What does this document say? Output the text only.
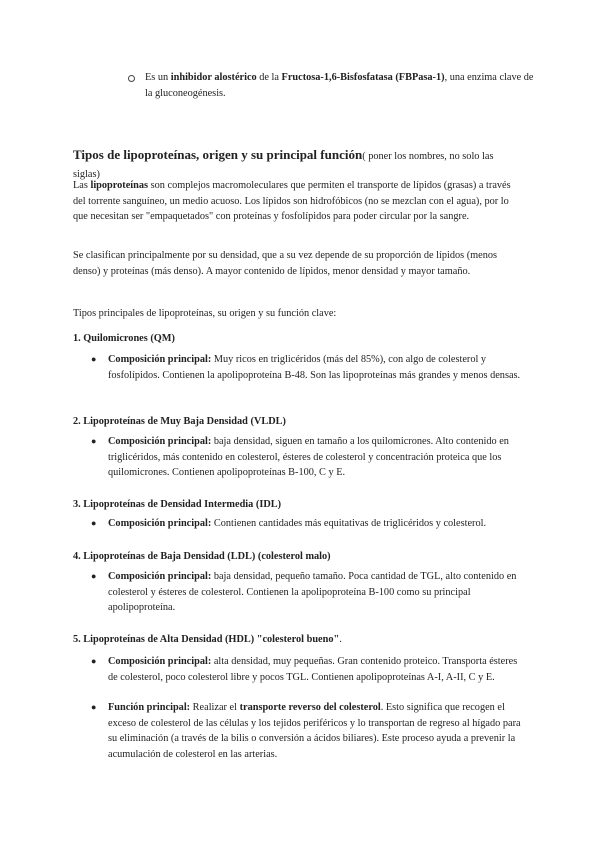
Es un inhibidor alostérico de la Fructosa-1,6-Bisfosfatasa (FBPasa-1), una enzima clave de la gluconeogénesis.

Tipos de lipoproteínas, origen y su principal función( poner los nombres, no solo las siglas)

Las lipoproteínas son complejos macromoleculares que permiten el transporte de lípidos (grasas) a través del torrente sanguíneo, un medio acuoso. Los lípidos son hidrofóbicos (no se mezclan con el agua), por lo que necesitan ser "empaquetados" con proteínas y fosfolípidos para poder circular por la sangre.

Se clasifican principalmente por su densidad, que a su vez depende de su proporción de lípidos (menos denso) y proteínas (más denso). A mayor contenido de lípidos, menor densidad y mayor tamaño.

Tipos principales de lipoproteínas, su origen y su función clave:

1. Quilomicrones (QM)

● Composición principal: Muy ricos en triglicéridos (más del 85%), con algo de colesterol y fosfolípidos. Contienen la apolipoproteína B-48. Son las lipoproteínas más grandes y menos densas.

2. Lipoproteínas de Muy Baja Densidad (VLDL)

● Composición principal: baja densidad, siguen en tamaño a los quilomicrones. Alto contenido en triglicéridos, más contenido en colesterol, ésteres de colesterol y concentración proteica que los quilomicrones. Contienen apolipoproteínas B-100, C y E.

3. Lipoproteínas de Densidad Intermedia (IDL)

● Composición principal: Contienen cantidades más equitativas de triglicéridos y colesterol.

4. Lipoproteínas de Baja Densidad (LDL) (colesterol malo)

● Composición principal: baja densidad, pequeño tamaño. Poca cantidad de TGL, alto contenido en colesterol y ésteres de colesterol. Contienen la apolipoproteína B-100 como su principal apolipoproteína.

5. Lipoproteínas de Alta Densidad (HDL) "colesterol bueno".

● Composición principal: alta densidad, muy pequeñas. Gran contenido proteico. Transporta ésteres de colesterol, poco colesterol libre y pocos TGL. Contienen apolipoproteínas A-I, A-II, C y E.

● Función principal: Realizar el transporte reverso del colesterol. Esto significa que recogen el exceso de colesterol de las células y los tejidos periféricos y lo transportan de regreso al hígado para su eliminación (a través de la bilis o conversión a ácidos biliares). Este proceso ayuda a prevenir la acumulación de colesterol en las arterias.
